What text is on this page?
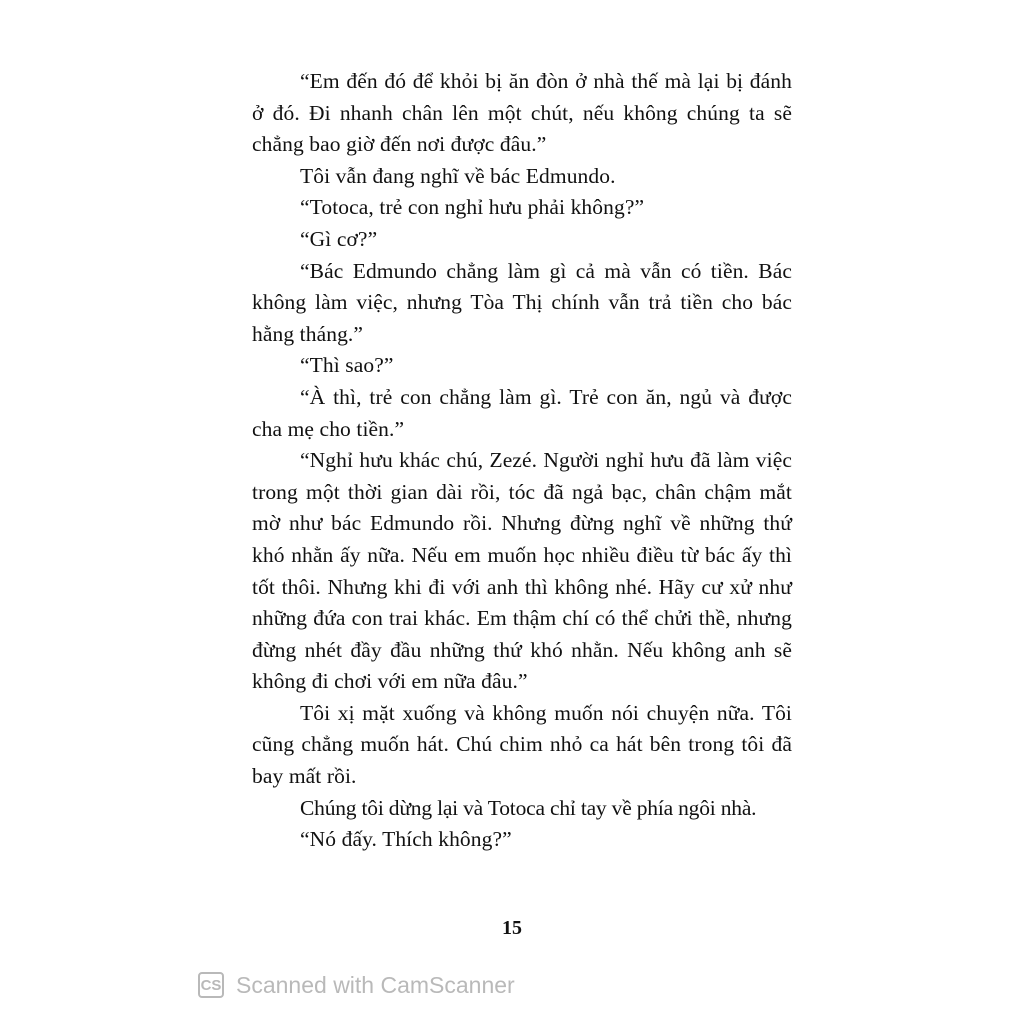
“Em đến đó để khỏi bị ăn đòn ở nhà thế mà lại bị đánh ở đó. Đi nhanh chân lên một chút, nếu không chúng ta sẽ chẳng bao giờ đến nơi được đâu.”

Tôi vẫn đang nghĩ về bác Edmundo.

“Totoca, trẻ con nghỉ hưu phải không?”

“Gì cơ?”

“Bác Edmundo chẳng làm gì cả mà vẫn có tiền. Bác không làm việc, nhưng Tòa Thị chính vẫn trả tiền cho bác hằng tháng.”

“Thì sao?”

“À thì, trẻ con chẳng làm gì. Trẻ con ăn, ngủ và được cha mẹ cho tiền.”

“Nghỉ hưu khác chú, Zezé. Người nghỉ hưu đã làm việc trong một thời gian dài rồi, tóc đã ngả bạc, chân chậm mắt mờ như bác Edmundo rồi. Nhưng đừng nghĩ về những thứ khó nhằn ấy nữa. Nếu em muốn học nhiều điều từ bác ấy thì tốt thôi. Nhưng khi đi với anh thì không nhé. Hãy cư xử như những đứa con trai khác. Em thậm chí có thể chửi thề, nhưng đừng nhét đầy đầu những thứ khó nhằn. Nếu không anh sẽ không đi chơi với em nữa đâu.”

Tôi xị mặt xuống và không muốn nói chuyện nữa. Tôi cũng chẳng muốn hát. Chú chim nhỏ ca hát bên trong tôi đã bay mất rồi.

Chúng tôi dừng lại và Totoca chỉ tay về phía ngôi nhà.

“Nó đấy. Thích không?”

15
CS Scanned with CamScanner
